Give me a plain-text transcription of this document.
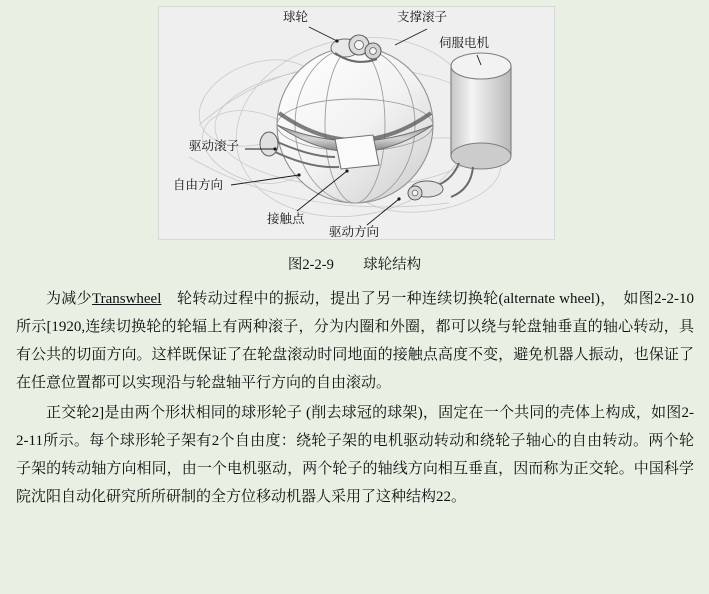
球轮	支撑滚子
伺服电机
驱动滚子
自由方向
接触点
驱动方向
图2-2-9 球轮结构

为减少Transwheel　轮转动过程中的振动，提出了另一种连续切换轮(alternate wheel)，　如图2-2-10所示[1920,连续切换轮的轮辐上有两种滚子，分为内圈和外圈，都可以绕与轮盘轴垂直的轴心转动，具有公共的切面方向。这样既保证了在轮盘滚动时同地面的接触点高度不变，避免机器人振动，也保证了在任意位置都可以实现沿与轮盘轴平行方向的自由滚动。

正交轮2]是由两个形状相同的球形轮子 (削去球冠的球架)，固定在一个共同的壳体上构成，如图2-2-11所示。每个球形轮子架有2个自由度：绕轮子架的电机驱动转动和绕轮子轴心的自由转动。两个轮子架的转动轴方向相同，由一个电机驱动，两个轮子的轴线方向相互垂直，因而称为正交轮。中国科学院沈阳自动化研究所所研制的全方位移动机器人采用了这种结构22。
